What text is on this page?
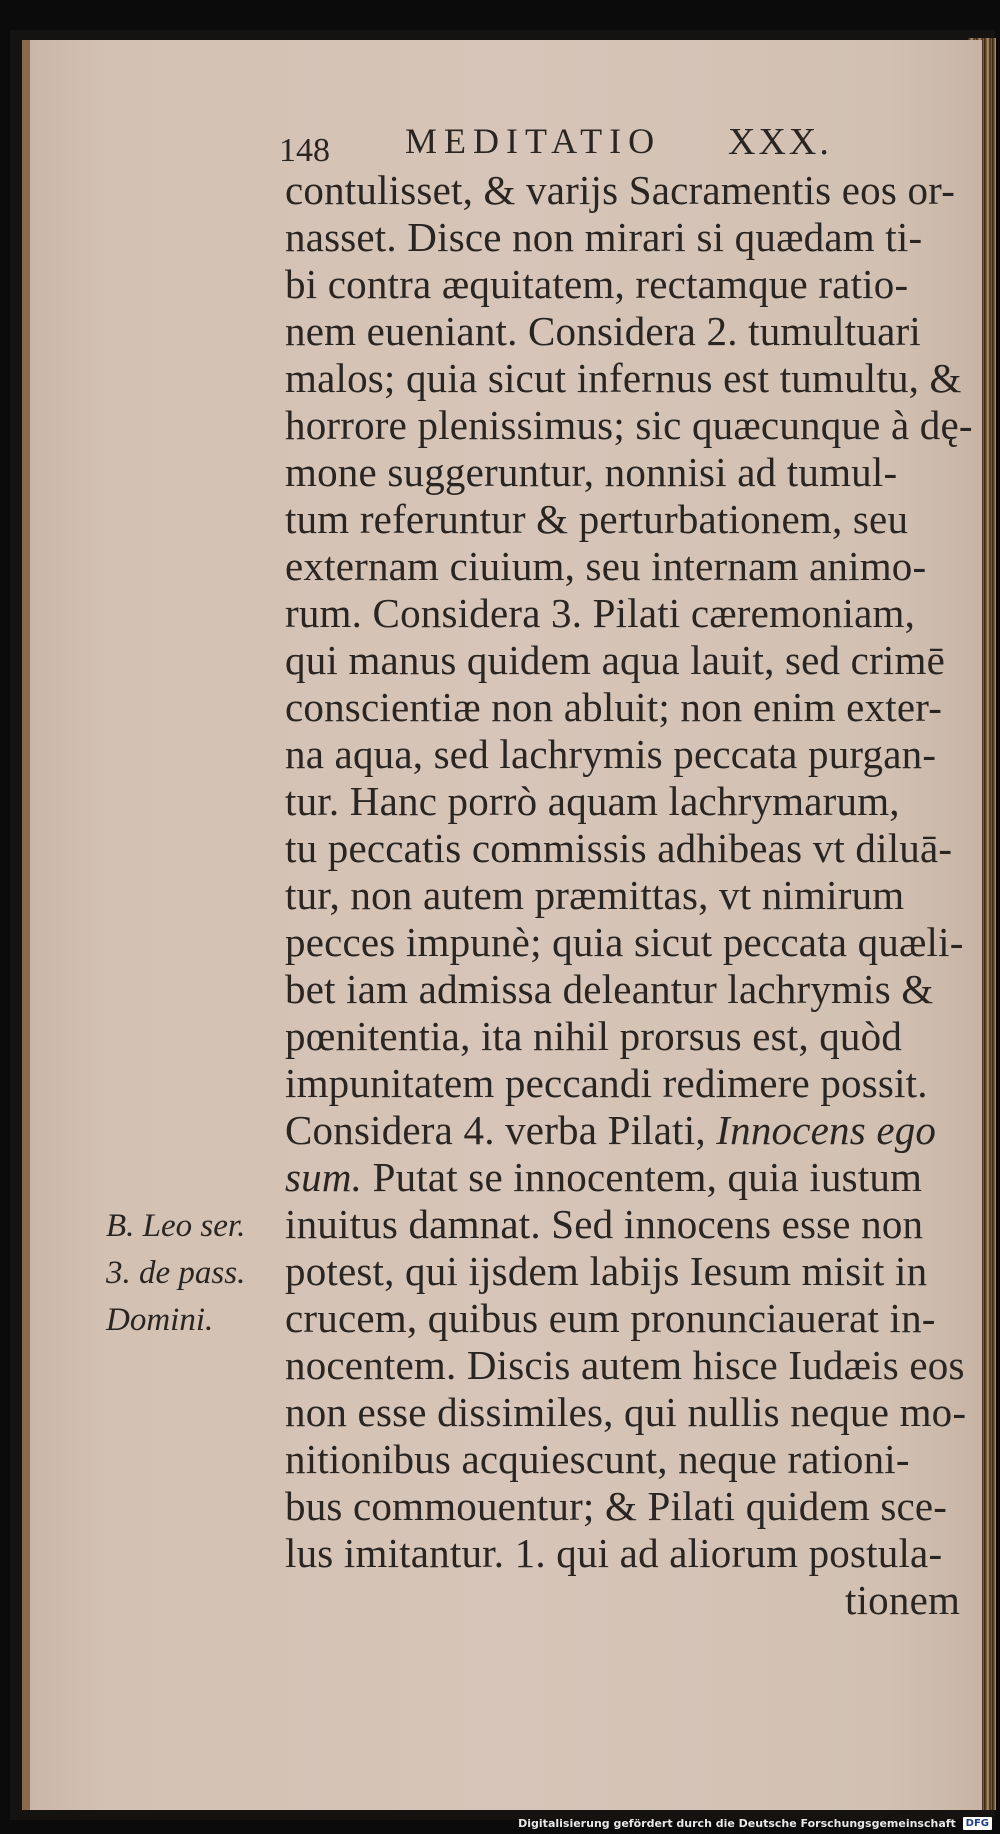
148 MEDITATIO XXX.
contulisset, & varijs Sacramentis eos or-
nasset. Disce non mirari si quædam ti-
bi contra æquitatem, rectamque ratio-
nem eueniant. Considera 2. tumultuari
malos; quia sicut infernus est tumultu, &
horrore plenissimus; sic quæcunque à dę-
mone suggeruntur, nonnisi ad tumul-
tum referuntur & perturbationem, seu
externam ciuium, seu internam animo-
rum. Considera 3. Pilati cæremoniam,
qui manus quidem aqua lauit, sed crimē
conscientiæ non abluit; non enim exter-
na aqua, sed lachrymis peccata purgan-
tur. Hanc porrò aquam lachrymarum,
tu peccatis commissis adhibeas vt diluā-
tur, non autem præmittas, vt nimirum
pecces impunè; quia sicut peccata quæli-
bet iam admissa deleantur lachrymis &
pœnitentia, ita nihil prorsus est, quòd
impunitatem peccandi redimere possit.
Considera 4. verba Pilati, Innocens ego
sum. Putat se innocentem, quia iustum
inuitus damnat. Sed innocens esse non
potest, qui ijsdem labijs Iesum misit in
crucem, quibus eum pronunciauerat in-
nocentem. Discis autem hisce Iudæis eos
non esse dissimiles, qui nullis neque mo-
nitionibus acquiescunt, neque rationi-
bus commouentur; & Pilati quidem sce-
lus imitantur. 1. qui ad aliorum postula-
tionem
B. Leo ser.
3. de pass.
Domini.
Digitalisierung gefördert durch die Deutsche Forschungsgemeinschaft DFG
